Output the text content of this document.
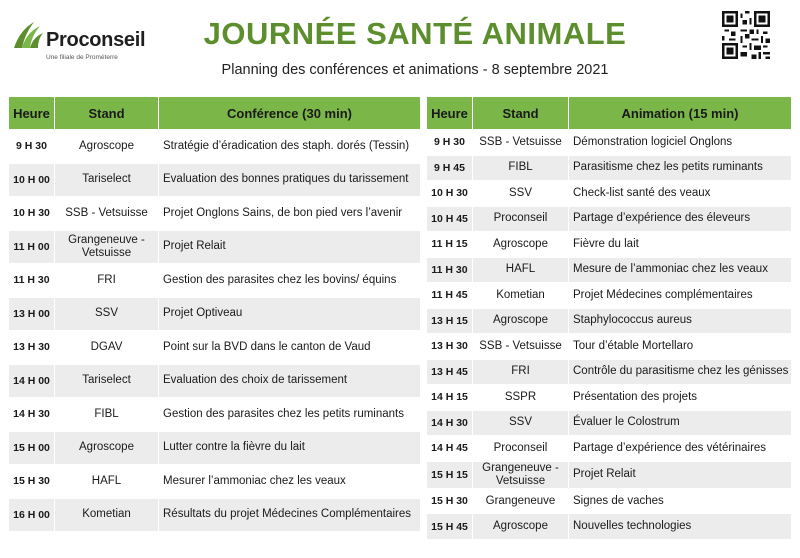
Proconseil
Une filiale de Prométerre
JOURNÉE SANTÉ ANIMALE
Planning des conférences et animations - 8 septembre 2021
Heure	Stand	Conférence (30 min)
9 H 30	Agroscope	Stratégie d’éradication des staph. dorés (Tessin)
10 H 00	Tariselect	Evaluation des bonnes pratiques du tarissement
10 H 30	SSB - Vetsuisse	Projet Onglons Sains, de bon pied vers l’avenir
11 H 00	Grangeneuve - Vetsuisse	Projet Relait
11 H 30	FRI	Gestion des parasites chez les bovins/ équins
13 H 00	SSV	Projet Optiveau
13 H 30	DGAV	Point sur la BVD dans le canton de Vaud
14 H 00	Tariselect	Evaluation des choix de tarissement
14 H 30	FIBL	Gestion des parasites chez les petits ruminants
15 H 00	Agroscope	Lutter contre la fièvre du lait
15 H 30	HAFL	Mesurer l’ammoniac chez les veaux
16 H 00	Kometian	Résultats du projet Médecines Complémentaires
Heure	Stand	Animation (15 min)
9 H 30	SSB - Vetsuisse	Démonstration logiciel Onglons
9 H 45	FIBL	Parasitisme chez les petits ruminants
10 H 30	SSV	Check-list santé des veaux
10 H 45	Proconseil	Partage d’expérience des éleveurs
11 H 15	Agroscope	Fièvre du lait
11 H 30	HAFL	Mesure de l’ammoniac chez les veaux
11 H 45	Kometian	Projet Médecines complémentaires
13 H 15	Agroscope	Staphylococcus aureus
13 H 30	SSB - Vetsuisse	Tour d’étable Mortellaro
13 H 45	FRI	Contrôle du parasitisme chez les génisses
14 H 15	SSPR	Présentation des projets
14 H 30	SSV	Évaluer le Colostrum
14 H 45	Proconseil	Partage d’expérience des vétérinaires
15 H 15	Grangeneuve - Vetsuisse	Projet Relait
15 H 30	Grangeneuve	Signes de vaches
15 H 45	Agroscope	Nouvelles technologies
